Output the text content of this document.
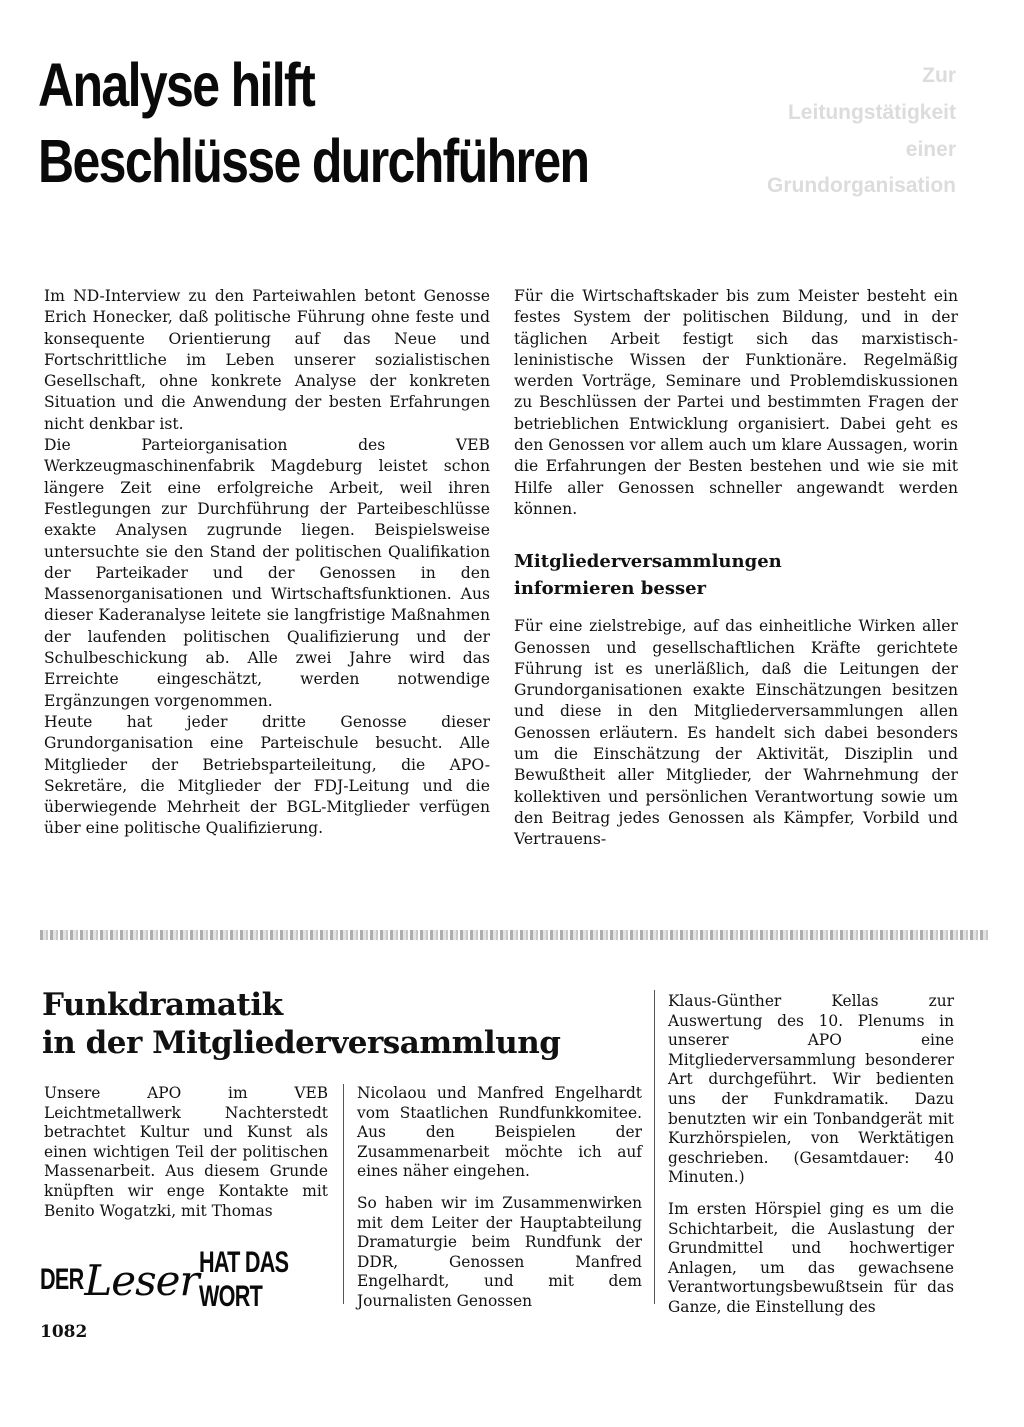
Analyse hilft
Beschlüsse durchführen
Zur
Leitungstätigkeit
einer
Grundorganisation

Im ND-Interview zu den Parteiwahlen betont Genosse Erich Honecker, daß politische Führung ohne feste und konsequente Orientierung auf das Neue und Fortschrittliche im Leben unserer sozialistischen Gesellschaft, ohne konkrete Analyse der konkreten Situation und die Anwendung der besten Erfahrungen nicht denkbar ist.

Die Parteiorganisation des VEB Werkzeugmaschinenfabrik Magdeburg leistet schon längere Zeit eine erfolgreiche Arbeit, weil ihren Festlegungen zur Durchführung der Parteibeschlüsse exakte Analysen zugrunde liegen. Beispielsweise untersuchte sie den Stand der politischen Qualifikation der Parteikader und der Genossen in den Massenorganisationen und Wirtschaftsfunktionen. Aus dieser Kaderanalyse leitete sie langfristige Maßnahmen der laufenden politischen Qualifizierung und der Schulbeschickung ab. Alle zwei Jahre wird das Erreichte eingeschätzt, werden notwendige Ergänzungen vorgenommen.

Heute hat jeder dritte Genosse dieser Grundorganisation eine Parteischule besucht. Alle Mitglieder der Betriebsparteileitung, die APO-Sekretäre, die Mitglieder der FDJ-Leitung und die überwiegende Mehrheit der BGL-Mitglieder verfügen über eine politische Qualifizierung.

Für die Wirtschaftskader bis zum Meister besteht ein festes System der politischen Bildung, und in der täglichen Arbeit festigt sich das marxistisch-leninistische Wissen der Funktionäre. Regelmäßig werden Vorträge, Seminare und Problemdiskussionen zu Beschlüssen der Partei und bestimmten Fragen der betrieblichen Entwicklung organisiert. Dabei geht es den Genossen vor allem auch um klare Aussagen, worin die Erfahrungen der Besten bestehen und wie sie mit Hilfe aller Genossen schneller angewandt werden können.

Mitgliederversammlungen
informieren besser

Für eine zielstrebige, auf das einheitliche Wirken aller Genossen und gesellschaftlichen Kräfte gerichtete Führung ist es unerläßlich, daß die Leitungen der Grundorganisationen exakte Einschätzungen besitzen und diese in den Mitgliederversammlungen allen Genossen erläutern. Es handelt sich dabei besonders um die Einschätzung der Aktivität, Disziplin und Bewußtheit aller Mitglieder, der Wahrnehmung der kollektiven und persönlichen Verantwortung sowie um den Beitrag jedes Genossen als Kämpfer, Vorbild und Vertrauens-

Funkdramatik
in der Mitgliederversammlung

Unsere APO im VEB Leichtmetallwerk Nachterstedt betrachtet Kultur und Kunst als einen wichtigen Teil der politischen Massenarbeit. Aus diesem Grunde knüpften wir enge Kontakte mit Benito Wogatzki, mit Thomas

Nicolaou und Manfred Engelhardt vom Staatlichen Rundfunkkomitee. Aus den Beispielen der Zusammenarbeit möchte ich auf eines näher eingehen.

So haben wir im Zusammenwirken mit dem Leiter der Hauptabteilung Dramaturgie beim Rundfunk der DDR, Genossen Manfred Engelhardt, und mit dem Journalisten Genossen

Klaus-Günther Kellas zur Auswertung des 10. Plenums in unserer APO eine Mitgliederversammlung besonderer Art durchgeführt. Wir bedienten uns der Funkdramatik. Dazu benutzten wir ein Tonbandgerät mit Kurzhörspielen, von Werktätigen geschrieben. (Gesamtdauer: 40 Minuten.)

Im ersten Hörspiel ging es um die Schichtarbeit, die Auslastung der Grundmittel und hochwertiger Anlagen, um das gewachsene Verantwortungsbewußtsein für das Ganze, die Einstellung des

DER Leser HAT DAS WORT
1082
